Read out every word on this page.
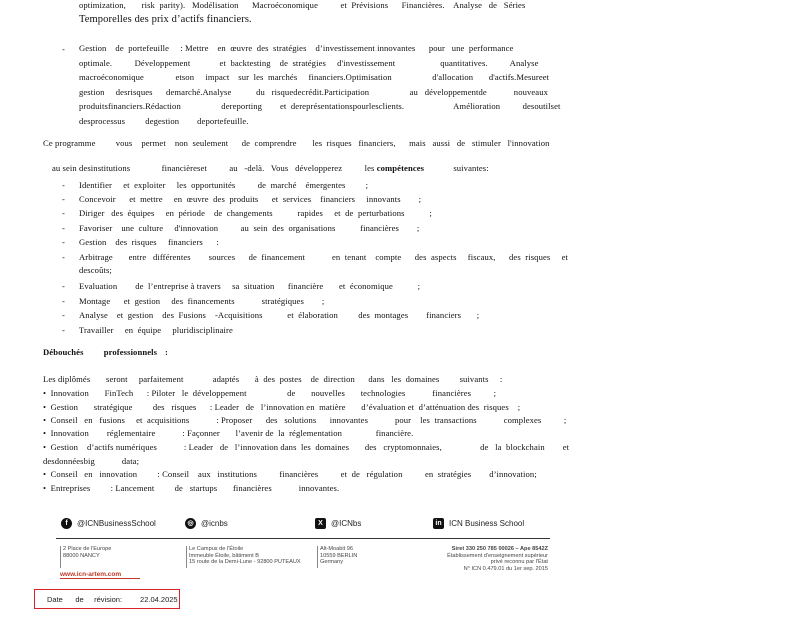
optimization,       risk  parity).   Modélisation      Macroéconomique          et  Prévisions      Financières.    Analyse   de   Séries
Temporelles des prix d’actifs financiers.
- Gestion    de  portefeuille     : Mettre    en  œuvre  des  stratégies    d’investissement innovantes      pour   une  performance
optimale.          Développement             et  backtesting    de  stratégies     d'investissement                    quantitatives.          Analyse
macroéconomique              etson     impact    sur  les  marchés     financiers.Optimisation                  d'allocation       d'actifs.Mesureet
gestion     desrisques      demarché.Analyse           du   risquedecrédit.Participation                  au   développementde            nouveaux
produitsfinanciers.Rédaction                  dereporting        et  dereprésentationspourlesclients.                      Amélioration          desoutilset
desprocessus         degestion        deportefeuille.
Ce programme         vous    permet    non  seulement      de  comprendre       les  risques   financiers,      mais   aussi   de   stimuler   l'innovation

au sein desinstitutions              financièreset          au   -delà.   Vous   développerez          les compétences             suivantes:

- Identifier     et  exploiter     les  opportunités          de  marché    émergentes         ;
- Concevoir      et  mettre     en  œuvre  des  produits      et  services    financiers     innovants        ;
- Diriger   des  équipes     en  période    de  changements           rapides     et  de  perturbations           ;
- Favoriser    une  culture     d'innovation          au  sein  des  organisations           financières        ;
- Gestion    des  risques     financiers      :
- Arbitrage       entre   différentes        sources      de  financement            en  tenant    compte      des  aspects     fiscaux,      des  risques     et
descoûts;
- Evaluation        de  l’entreprise à travers     sa  situation      financière       et  économique           ;
- Montage      et  gestion     des  financements            stratégiques        ;
- Analyse    et  gestion    des  Fusions    -Acquisitions           et  élaboration         des  montages        financiers       ;
- Travailler     en  équipe     pluridisciplinaire
Débouchés         professionnels :
Les diplômés       seront     parfaitement             adaptés       à  des  postes    de  direction      dans   les  domaines         suivants     :
•  Innovation       FinTech      : Piloter   le  développement                  de       nouvelles       technologies            financières          ;
•  Gestion       stratégique         des   risques      : Leader   de   l’innovation en  matière       d’évaluation et  d’atténuation des  risques    ;
•  Conseil   en   fusions     et  acquisitions            : Proposer      des   solutions      innovantes            pour    les  transactions            complexes          ;
•  Innovation        réglementaire            : Façonner       l’avenir de  la  réglementation               financière.
•  Gestion    d’actifs numériques            : Leader   de   l’innovation dans  les  domaines       des   cryptomonnaies,                 de   la  blockchain        et
desdonnéesbig            data;
•  Conseil   en   innovation         : Conseil    aux   institutions          financières          et  de   régulation          en  stratégies        d’innovation;
•  Entreprises         : Lancement         de   startups       financières            innovantes.
f	@ICNBusinessSchool	◎ @icnbs	X	@ICNbs	in ICN Business School
2 Place de l'Europe
88000 NANCY
Le Campus de l'Étoile
Immeuble Étoile, bâtiment B
15 route de la Demi-Lune - 92800 PUTEAUX
Alt-Moabit 96
10559 BERLIN
Germany
Siret 330 250 785 00026 – Ape 8542Z
Établissement d'enseignement supérieur
privé reconnu par l'État
N° ICN 0.479.01 du 1er sep. 2015
www.icn-artem.com
Date      de     révision: 22.04.2025
